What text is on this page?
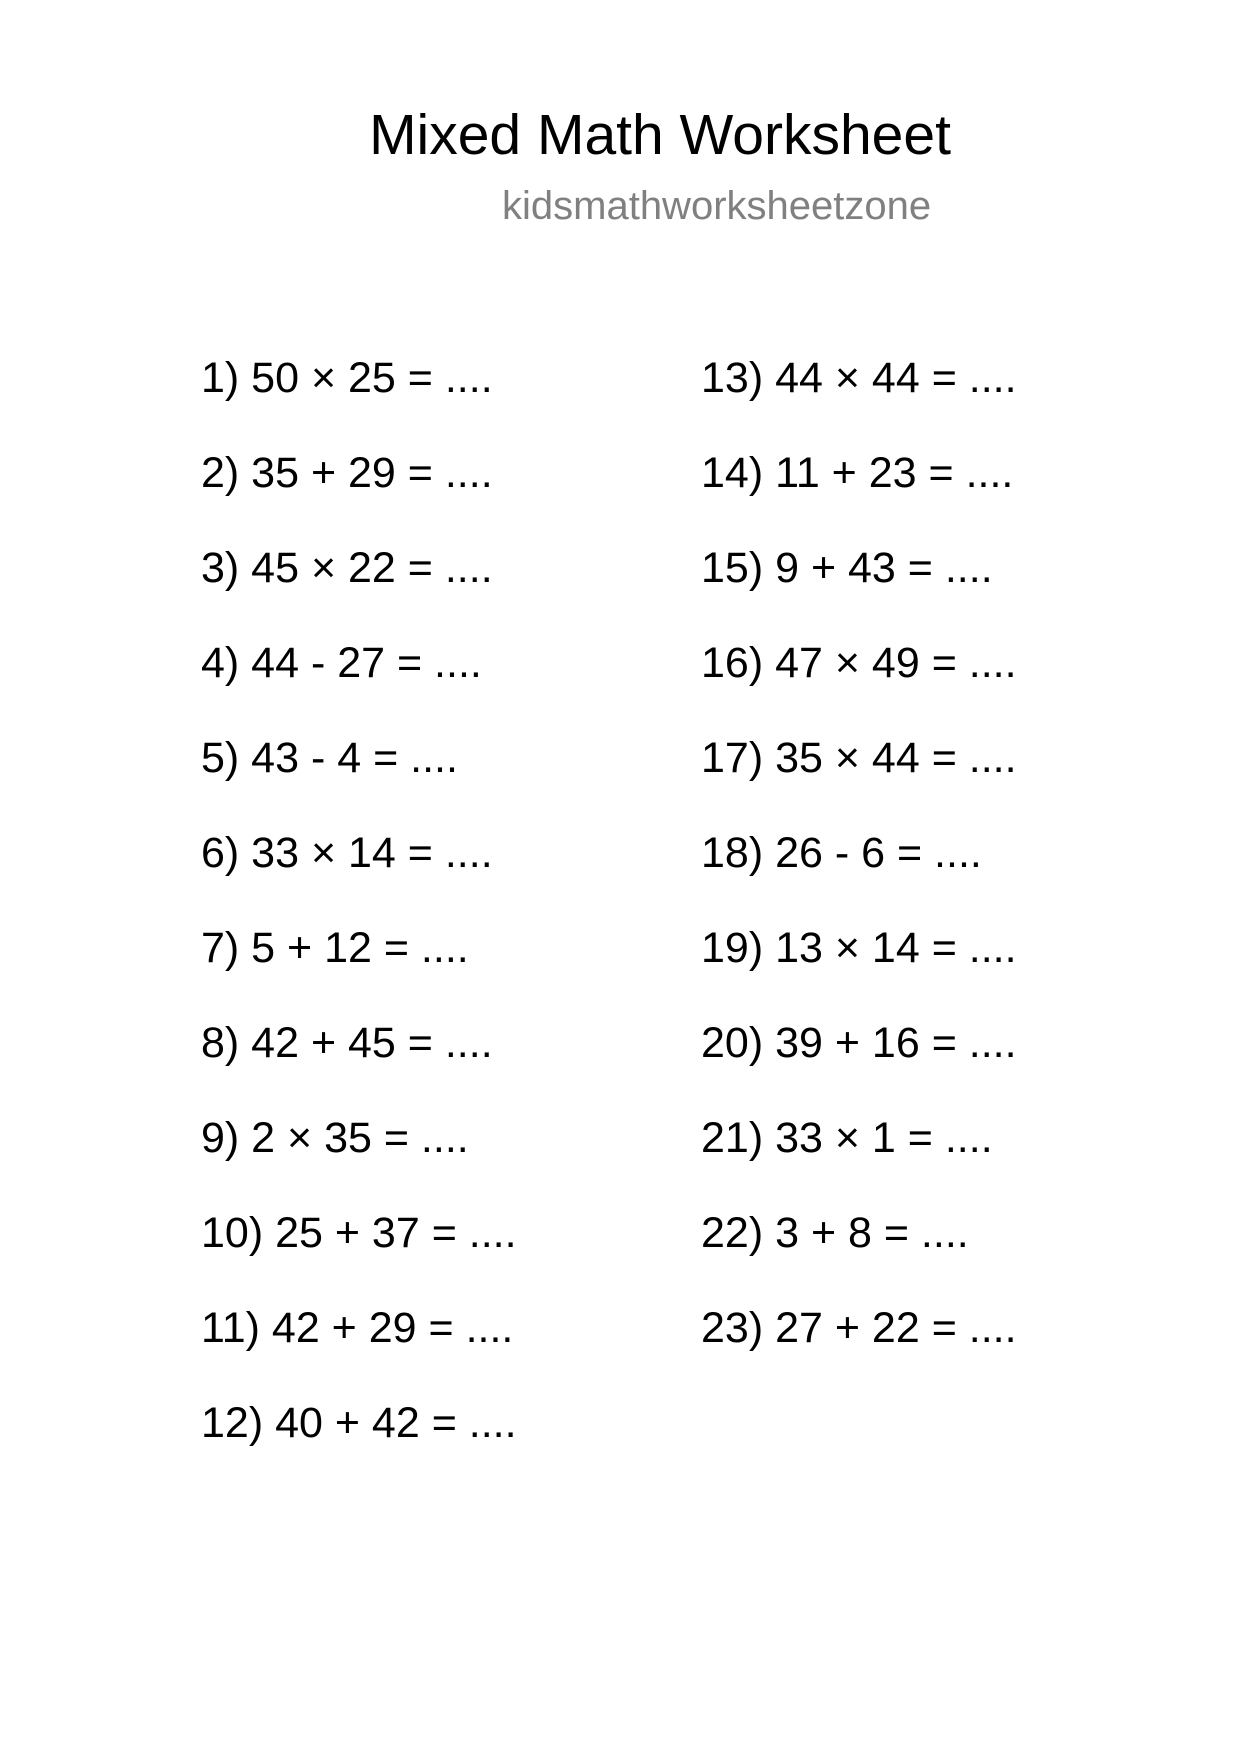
Mixed Math Worksheet
kidsmathworksheetzone
1) 50 × 25 = ....
2) 35 + 29 = ....
3) 45 × 22 = ....
4) 44 - 27 = ....
5) 43 - 4 = ....
6) 33 × 14 = ....
7) 5 + 12 = ....
8) 42 + 45 = ....
9) 2 × 35 = ....
10) 25 + 37 = ....
11) 42 + 29 = ....
12) 40 + 42 = ....
13) 44 × 44 = ....
14) 11 + 23 = ....
15) 9 + 43 = ....
16) 47 × 49 = ....
17) 35 × 44 = ....
18) 26 - 6 = ....
19) 13 × 14 = ....
20) 39 + 16 = ....
21) 33 × 1 = ....
22) 3 + 8 = ....
23) 27 + 22 = ....
